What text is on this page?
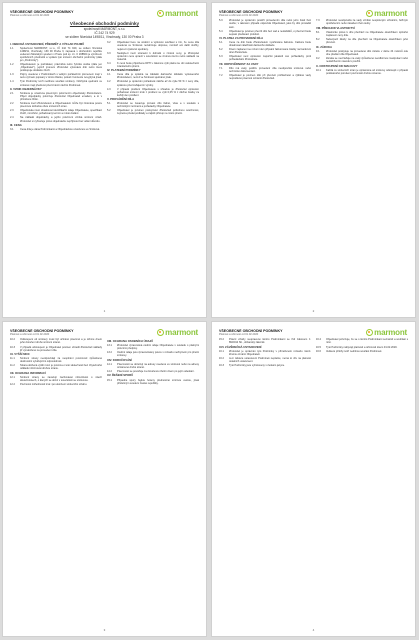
VŠEOBECNÉ OBCHODNÍ PODMÍNKY
Platnost a účinnost od 01.02.2020
Všeobecné obchodní podmínky
společnosti MARMONT, s.r.o.
IČ 242 74 929
se sídlem Nivnická 1498/11, Vinohrady, 130 00 Praha 3
I. OBECNÁ USTANOVENÍ, PŘEDMĚT A VÝKLAD POJMŮ
1.1	Společnost MARMONT, s.r.o., IČ 242 74 929, se sídlem Nivnická 1498/11, Vinohrady, 130 00 Praha 3, zapsaná v obchodním rejstříku vedeném Městským soudem v Praze pod sp. zn. C 208824 je výrobcem spotřebních předmětů a vydává tyto smluvní obchodní podmínky (dále jen „Podmínky").
1.2	Objednatelem je podnikatel, právnická nebo fyzická osoba (dále jen „Objednatel"), jejímž jménem Zhotovitel vykonává dílo nebo které podstupuje dodávku zboží.
1.3	Pojmy uvedené v Podmínkách s velkým počátečním písmenem mají v textu význam popsaný v tomto článku, pokud z kontextu nevyplývá jinak.
1.4	Tyto Podmínky tvoří nedílnou součást smlouvy. Odchylná ujednání ve smlouvě mají přednost před zněním těchto Podmínek.
II. VZNIK OBJEDNÁVKY
2.1	Smlouva je uzavřena písemným potvrzením objednávky Zhotovitelem. Přijetí objednávky potvrzuje Zhotovitel Objednateli emailem, a to v přiměřené lhůtě.
2.2	Smlouva mezi Zhotovitelem a Objednatelem může být změněna pouze písemnou dohodou obou smluvních stran.
2.3	Objednávka musí obsahovat identifikační údaje Objednatele, specifikaci zboží, množství, požadovaný termín a místo dodání.
2.4	Na základě objednávky a jejího potvrzení vzniká smluvní vztah. Zhotovitel si vyhrazuje právo objednávku nepřijmout bez udání důvodu.
III. CENA
3.1	Cena díla je dána Podmínkami a Objednávkou uzavřenou ve Smlouvě.
3.2	Objednatel bere na vědomí a výslovně souhlasí s tím, že cena díla uvedená ve Smlouvě nezahrnuje dopravu, montáž ani další služby, nejsou-li výslovně sjednány.
3.3	Nedojde-li mezi stranami k dohodě o změně ceny, je Zhotovitel oprávněn cenu upravit v souvislosti se změnou kurzu nebo nákladů na materiál.
3.4	K ceně bude připočtena DPH v zákonné výši platné ke dni uskutečnění zdanitelného plnění.
IV. PLATEBNÍ PODMÍNKY
4.1	Cena díla je splatná na základě daňového dokladu vystaveného Zhotovitelem, není-li ve Smlouvě sjednáno jinak.
4.2	Zhotovitel je oprávněn požadovat zálohu až do výše 50 % z ceny díla, splatnou před zahájením výroby.
4.3	V případě prodlení Objednatele s úhradou je Zhotovitel oprávněn požadovat smluvní úrok z prodlení ve výši 0,05 % z dlužné částky za každý den prodlení.
V. PROVÁDĚNÍ DÍLA
5.1	Zhotovitel se zavazuje provést dílo řádně, včas a v souladu s technickými normami a požadavky Objednatele.
5.2	Objednatel je povinen poskytnout Zhotoviteli potřebnou součinnost, zejména předat podklady a zajistit přístup na místo plnění.
marmont
1
VŠEOBECNÉ OBCHODNÍ PODMÍNKY
Platnost a účinnost od 01.02.2020
5.3	Zhotovitel je oprávněn pověřit provedením díla nebo jeho části třetí osobu; v takovém případě odpovídá Objednateli, jako by dílo prováděl sám.
5.4	Objednatel je povinen převzít dílo bez vad a nedodělků, o převzetí bude sepsán předávací protokol.
VI. PLATBA ZA PROVEDENÍ DÍLA
6.1	Cena za dílo bude Zhotovitelem vyúčtována fakturou. Faktura bude obsahovat náležitosti daňového dokladu.
6.2	Dnem zaplacení se rozumí den připsání fakturované částky na bankovní účet Zhotovitele.
6.3	Objednatel není oprávněn započíst jakékoli své pohledávky proti pohledávkám Zhotovitele.
VII. ODPOVĚDNOST ZA VADY
7.1	Dílo má vady, jestliže provedení díla neodpovídá smlouvě nebo technické dokumentaci.
7.2	Objednatel je povinen dílo při převzetí prohlédnout a zjištěné vady neprodleně písemně oznámit Zhotoviteli.
7.3	Zhotovitel neodpovídá za vady vzniklé nesprávným užíváním, běžným opotřebením nebo zásahem třetí osoby.
VIII. PŘECHOD VLASTNICTVÍ
8.1	Vlastnické právo k dílu přechází na Objednatele okamžikem úplného zaplacení ceny díla.
8.2	Nebezpečí škody na díle přechází na Objednatele okamžikem jeho převzetí.
IX. ZÁRUKA
9.1	Zhotovitel poskytuje na provedené dílo záruku v délce 24 měsíců ode dne předání díla Objednateli.
9.2	Záruka se nevztahuje na vady způsobené neodbornou manipulací nebo nedodržením návodu k použití.
X. ODSTOUPENÍ OD SMLOUVY
10.1	Každá ze smluvních stran je oprávněna od smlouvy odstoupit v případě podstatného porušení povinností druhou stranou.
marmont
2
VŠEOBECNÉ OBCHODNÍ PODMÍNKY
Platnost a účinnost od 01.02.2020
10.2	Odstoupení od smlouvy musí být učiněno písemně a je účinné dnem jeho doručení druhé smluvní straně.
10.3	V případě odstoupení je Objednatel povinen uhradit Zhotoviteli náklady již vynaložené na provedení díla.
XI. VYŠŠÍ MOC
11.1	Smluvní strany neodpovídají za nesplnění povinností způsobené okolnostmi vylučujícími odpovědnost.
11.2	Strana dotčená vyšší mocí je povinna o této skutečnosti bez zbytečného odkladu informovat druhou stranu.
XII. OCHRANA INFORMACÍ
12.1	Smluvní strany se zavazují zachovávat mlčenlivost o všech skutečnostech, o kterých se dozví v souvislosti se smlouvou.
12.2	Povinnost mlčenlivosti trvá i po ukončení smluvního vztahu.
XIII. OCHRANA OSOBNÍCH ÚDAJŮ
13.1	Zhotovitel zpracovává osobní údaje Objednatele v souladu s platnými právními předpisy.
13.2	Osobní údaje jsou zpracovávány pouze v rozsahu nezbytném pro plnění smlouvy.
XIV. DORUČOVÁNÍ
14.1	Písemnosti se doručují na adresy uvedené ve smlouvě nebo na adresy oznámené druhé straně.
14.2	Písemnost se považuje za doručenou třetím dnem po jejím odeslání.
XV. ŘEŠENÍ SPORŮ
15.1	Případné spory budou řešeny přednostně smírnou cestou, jinak příslušným soudem České republiky.
marmont
3
VŠEOBECNÉ OBCHODNÍ PODMÍNKY
Platnost a účinnost od 01.02.2020
15.2	Právní vztahy neupravené těmito Podmínkami se řídí zákonem č. 89/2012 Sb., občanský zákoník.
XVI. ZÁVĚREČNÁ USTANOVENÍ
16.1	Zhotovitel je oprávněn tyto Podmínky v přiměřeném rozsahu měnit. Změnu oznámí Objednateli.
16.2	Je-li některé ustanovení Podmínek neplatné, nemá to vliv na platnost ostatních ustanovení.
16.3	Tyto Podmínky jsou vyhotoveny v českém jazyce.
16.4	Objednatel potvrzuje, že se s těmito Podmínkami seznámil a souhlasí s nimi.
16.5	Tyto Podmínky nabývají platnosti a účinnosti dnem 01.02.2020.
16.6	Veškeré přílohy tvoří nedílnou součást Podmínek.
marmont
4
